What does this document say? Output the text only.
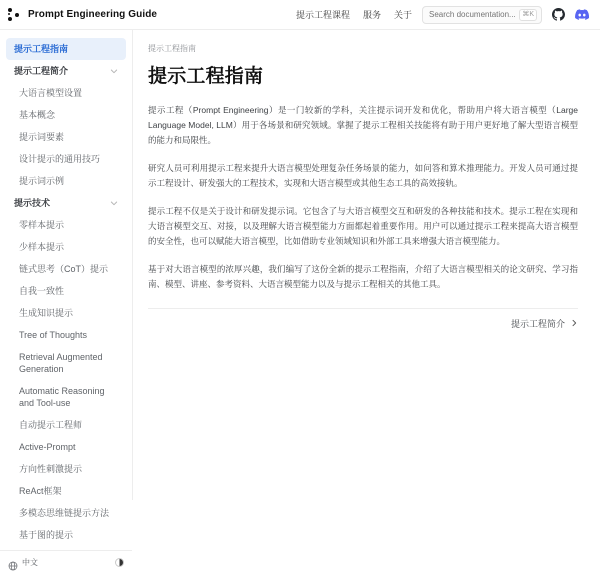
Prompt Engineering Guide	提示工程课程 服务 关于
Search documentation...	⌘K
提示工程指南
提示工程简介
大语言模型设置
基本概念
提示词要素
设计提示的通用技巧
提示词示例
提示技术
零样本提示
少样本提示
链式思考（CoT）提示
自我一致性
生成知识提示
Tree of Thoughts
Retrieval Augmented Generation
Automatic Reasoning and Tool-use
自动提示工程师
Active-Prompt
方向性刺激提示
ReAct框架
多模态思维链提示方法
基于图的提示
中文
提示工程指南
提示工程指南

提示工程（Prompt Engineering）是一门较新的学科，关注提示词开发和优化，帮助用户将大语言模型（Large Language Model, LLM）用于各场景和研究领域。掌握了提示工程相关技能将有助于用户更好地了解大型语言模型的能力和局限性。

研究人员可利用提示工程来提升大语言模型处理复杂任务场景的能力，如问答和算术推理能力。开发人员可通过提示工程设计、研发强大的工程技术，实现和大语言模型或其他生态工具的高效接轨。

提示工程不仅是关于设计和研发提示词。它包含了与大语言模型交互和研发的各种技能和技术。提示工程在实现和大语言模型交互、对接，以及理解大语言模型能力方面都起着重要作用。用户可以通过提示工程来提高大语言模型的安全性，也可以赋能大语言模型，比如借助专业领域知识和外部工具来增强大语言模型能力。

基于对大语言模型的浓厚兴趣，我们编写了这份全新的提示工程指南，介绍了大语言模型相关的论文研究、学习指南、模型、讲座、参考资料、大语言模型能力以及与提示工程相关的其他工具。

提示工程简介
